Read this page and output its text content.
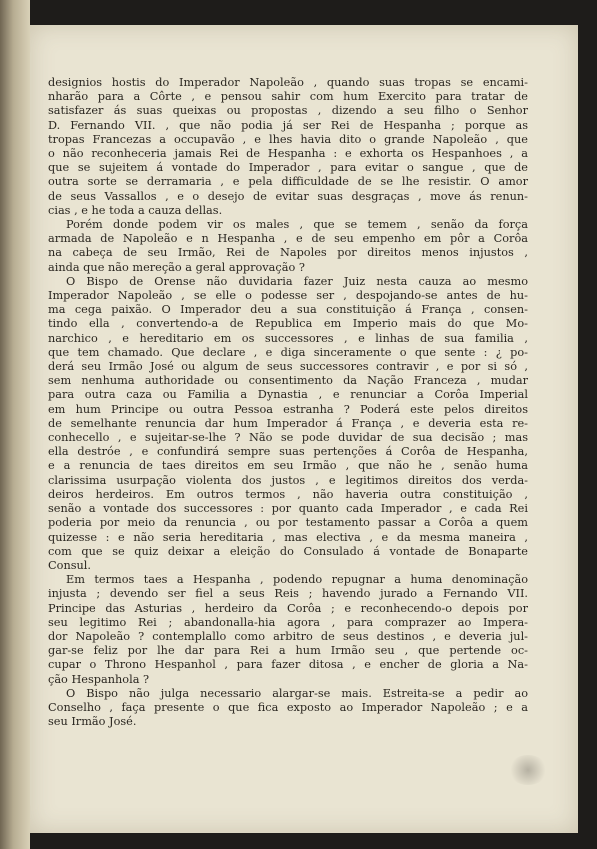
designios hostis do Imperador Napoleão , quando suas tropas se encami-
nharão para a Côrte , e pensou sahir com hum Exercito para tratar de
satisfazer ás suas queixas ou propostas , dizendo a seu filho o Senhor
D. Fernando VII. , que não podia já ser Rei de Hespanha ; porque as
tropas Francezas a occupavão , e lhes havia dito o grande Napoleão , que
o não reconheceria jamais Rei de Hespanha : e exhorta os Hespanhoes , a
que se sujeitem á vontade do Imperador , para evitar o sangue , que de
outra sorte se derramaria , e pela difficuldade de se lhe resistir. O amor
de seus Vassallos , e o desejo de evitar suas desgraças , move ás renun-
cias , e he toda a cauza dellas.

Porém donde podem vir os males , que se temem , senão da força
armada de Napoleão e n Hespanha , e de seu empenho em pôr a Corôa
na cabeça de seu Irmão, Rei de Napoles por direitos menos injustos ,
ainda que não mereção a geral approvação ?

O Bispo de Orense não duvidaria fazer Juiz nesta cauza ao mesmo
Imperador Napoleão , se elle o podesse ser , despojando-se antes de hu-
ma cega paixão. O Imperador deu a sua constituição á França , consen-
tindo ella , convertendo-a de Republica em Imperio mais do que Mo-
narchico , e hereditario em os successores , e linhas de sua familia ,
que tem chamado. Que declare , e diga sinceramente o que sente : ¿ po-
derá seu Irmão José ou algum de seus successores contravir , e por si só ,
sem nenhuma authoridade ou consentimento da Nação Franceza , mudar
para outra caza ou Familia a Dynastia , e renunciar a Corôa Imperial
em hum Principe ou outra Pessoa estranha ? Poderá este pelos direitos
de semelhante renuncia dar hum Imperador á França , e deveria esta re-
conhecello , e sujeitar-se-lhe ? Não se pode duvidar de sua decisão ; mas
ella destróe , e confundirá sempre suas pertenções á Corôa de Hespanha,
e a renuncia de taes direitos em seu Irmão , que não he , senão huma
clarissima usurpação violenta dos justos , e legitimos direitos dos verda-
deiros herdeiros. Em outros termos , não haveria outra constituição ,
senão a vontade dos successores : por quanto cada Imperador , e cada Rei
poderia por meio da renuncia , ou por testamento passar a Corôa a quem
quizesse : e não seria hereditaria , mas electiva , e da mesma maneira ,
com que se quiz deixar a eleição do Consulado á vontade de Bonaparte
Consul.

Em termos taes a Hespanha , podendo repugnar a huma denominação
injusta ; devendo ser fiel a seus Reis ; havendo jurado a Fernando VII.
Principe das Asturias , herdeiro da Corôa ; e reconhecendo-o depois por
seu legitimo Rei ; abandonalla-hia agora , para comprazer ao Impera-
dor Napoleão ? contemplallo como arbitro de seus destinos , e deveria jul-
gar-se feliz por lhe dar para Rei a hum Irmão seu , que pertende oc-
cupar o Throno Hespanhol , para fazer ditosa , e encher de gloria a Na-
ção Hespanhola ?

O Bispo não julga necessario alargar-se mais. Estreita-se a pedir ao
Conselho , faça presente o que fica exposto ao Imperador Napoleão ; e a
seu Irmão José.
